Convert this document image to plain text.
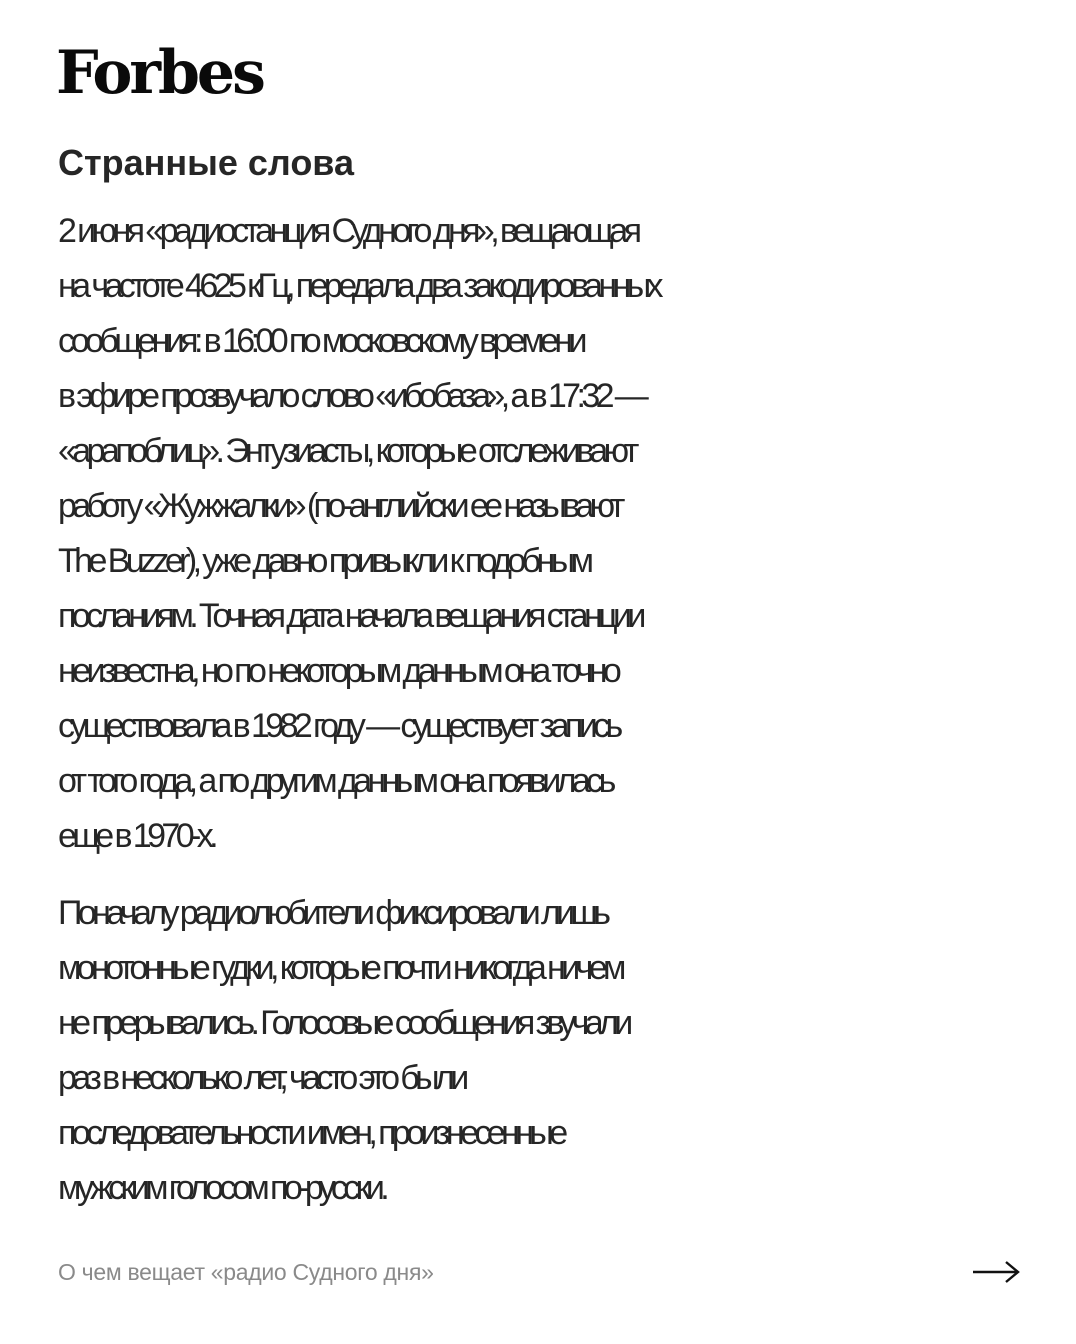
Forbes
Странные слова
2 июня «радиостанция Судного дня», вещающая
на частоте 4625 кГц, передала два закодированных
сообщения: в 16:00 по московскому времени
в эфире прозвучало слово «ибобаза», а в 17:32 —
«арапоблиц». Энтузиасты, которые отслеживают
работу «Жужжалки» (по-английски ее называют
The Buzzer), уже давно привыкли к подобным
посланиям. Точная дата начала вещания станции
неизвестна, но по некоторым данным она точно
существовала в 1982 году — существует запись
от того года, а по другим данным она появилась
еще в 1970-х.
Поначалу радиолюбители фиксировали лишь
монотонные гудки, которые почти никогда ничем
не прерывались. Голосовые сообщения звучали
раз в несколько лет, часто это были
последовательности имен, произнесенные
мужским голосом по-русски.
О чем вещает «радио Судного дня»
